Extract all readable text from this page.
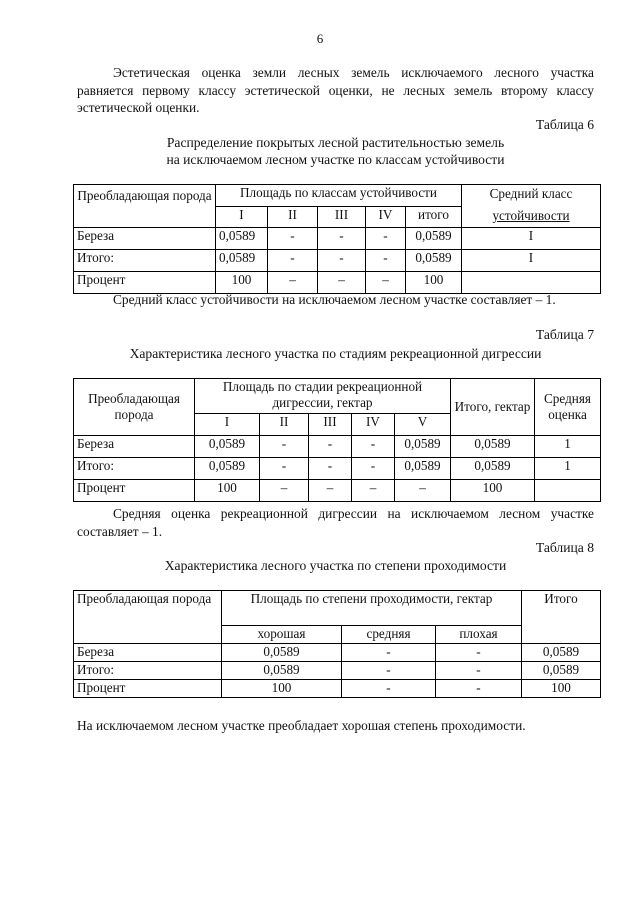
6
Эстетическая оценка земли лесных земель исключаемого лесного участка равняется первому классу эстетической оценки, не лесных земель второму классу эстетической оценки.
Таблица 6
Распределение покрытых лесной растительностью земель
на исключаемом лесном участке по классам устойчивости
Преобладающая порода	Площадь по классам устойчивости					Средний класс
устойчивости

	I	II	III	IV	итого	
Береза	0,0589	-	-	-	0,0589	I
Итого:	0,0589	-	-	-	0,0589	I
Процент	100	–	–	–	100	
Средний класс устойчивости на исключаемом лесном участке составляет – 1.
Таблица 7
Характеристика лесного участка по стадиям рекреационной дигрессии
Преобладающая порода	Площадь по стадии рекреационной дигрессии, гектар					Итого, гектар	Средняя оценка
	I	II	III	IV	V		
Береза	0,0589	-	-	-	0,0589	0,0589	1
Итого:	0,0589	-	-	-	0,0589	0,0589	1
Процент	100	–	–	–	–	100	
Средняя оценка рекреационной дигрессии на исключаемом лесном участке составляет – 1.
Таблица 8
Характеристика лесного участка по степени проходимости
Преобладающая порода	Площадь по степени проходимости, гектар			Итого
	хорошая	средняя	плохая	
Береза	0,0589	-	-	0,0589
Итого:	0,0589	-	-	0,0589
Процент	100	-	-	100
На исключаемом лесном участке преобладает хорошая степень проходимости.
